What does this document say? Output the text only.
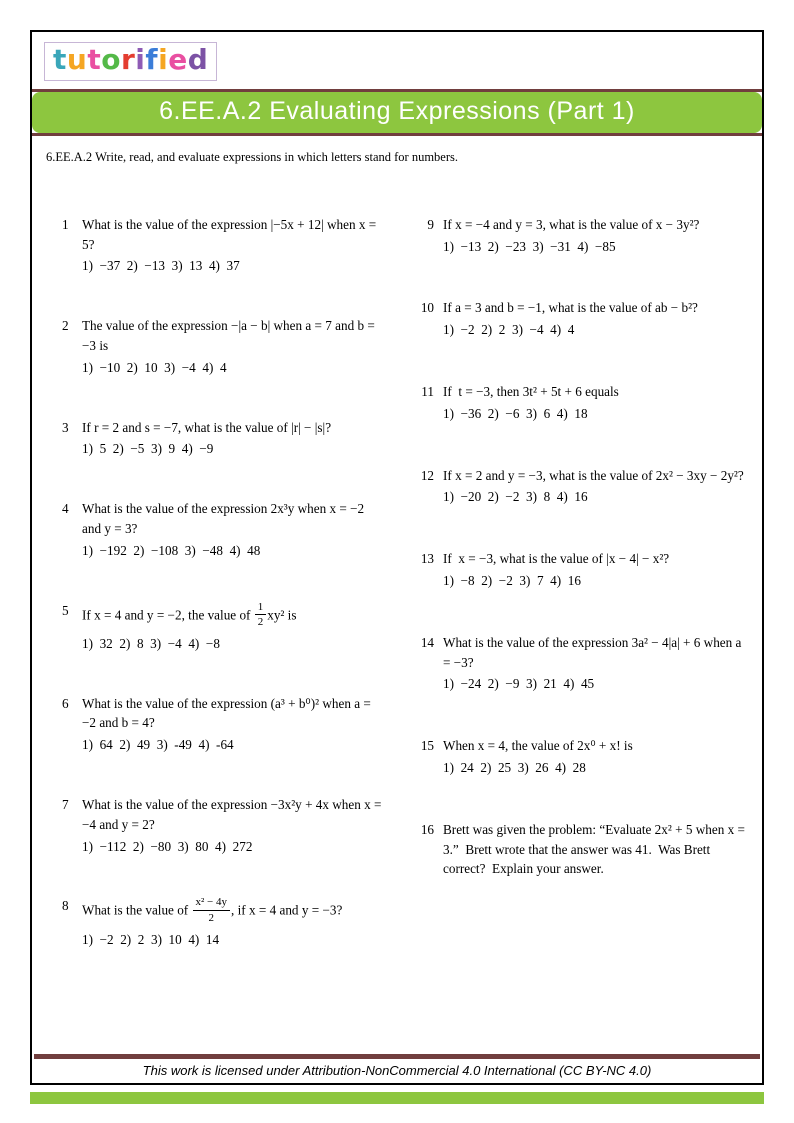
tutorified
6.EE.A.2 Evaluating Expressions (Part 1)
6.EE.A.2 Write, read, and evaluate expressions in which letters stand for numbers.
1	What is the value of the expression |−5x + 12| when x = 5?
1)  −37  2)  −13  3)  13  4)  37
2	The value of the expression −|a − b| when a = 7 and b = −3 is
1)  −10  2)  10  3)  −4  4)  4
3	If r = 2 and s = −7, what is the value of |r| − |s|?
1)  5  2)  −5  3)  9  4)  −9
4	What is the value of the expression 2x³y when x = −2 and y = 3?
1)  −192  2)  −108  3)  −48  4)  48
5	If x = 4 and y = −2, the value of $\frac{1}{2} xy^2$ is
1)  32  2)  8  3)  −4  4)  −8
6	What is the value of the expression (a³ + b⁰)² when a = −2 and b = 4?
1)  64  2)  49  3)  -49  4)  -64
7	What is the value of the expression −3x²y + 4x when x = −4 and y = 2?
1)  −112  2)  −80  3)  80  4)  272
8	What is the value of $\frac{\text{x² − 4y}}{2}$ , if x = 4 and y = −3?
1)  −2  2)  2  3)  10  4)  14
9 If x = −4 and y = 3, what is the value of x − 3y²?
1)  −13  2)  −23  3)  −31  4)  −85
10 If a = 3 and b = −1, what is the value of ab − b²?
1)  −2  2)  2  3)  −4  4)  4
11 If  t = −3, then 3t² + 5t + 6 equals
1)  −36  2)  −6  3)  6  4)  18
12 If x = 2 and y = −3, what is the value of 2x² − 3xy − 2y²?
1)  −20  2)  −2  3)  8  4)  16
13 If  x = −3, what is the value of |x − 4| − x²?
1)  −8  2)  −2  3)  7  4)  16
14 What is the value of the expression 3a² − 4|a| + 6 when a = −3?
1)  −24  2)  −9  3)  21  4)  45
15 When x = 4, the value of 2x⁰ + x! is
1)  24  2)  25  3)  26  4)  28
16 Brett was given the problem: “Evaluate 2x² + 5 when x = 3.”  Brett wrote that the answer was 41.  Was Brett correct?  Explain your answer.
This work is licensed under Attribution-NonCommercial 4.0 International (CC BY-NC 4.0)
